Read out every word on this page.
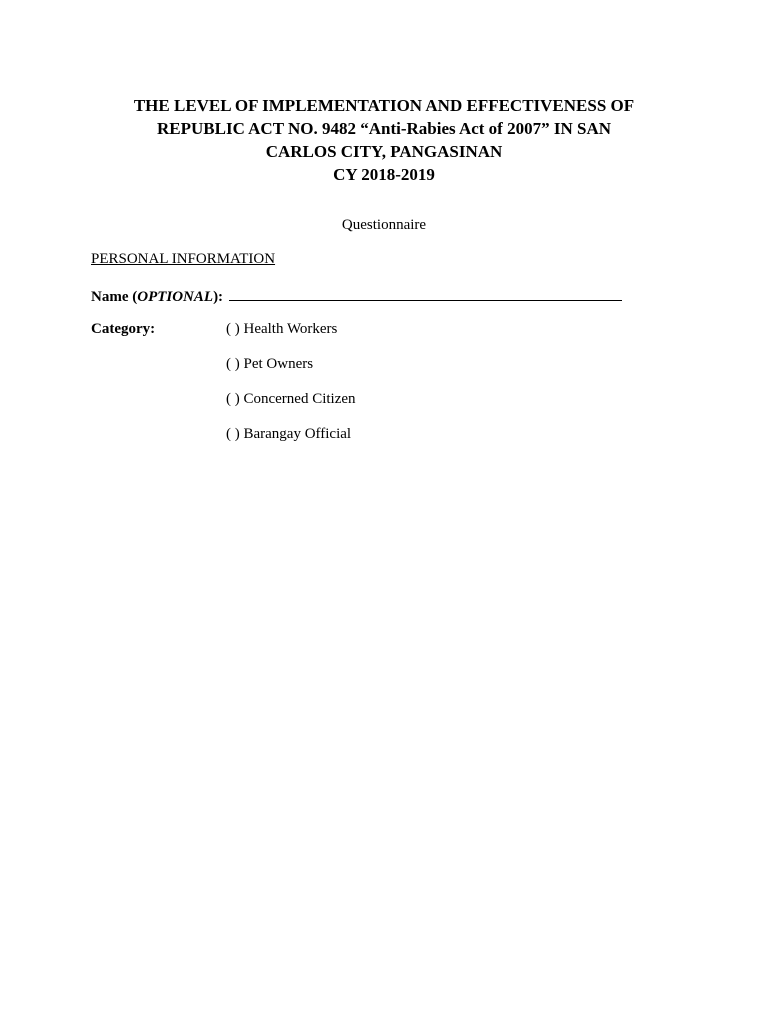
THE LEVEL OF IMPLEMENTATION AND EFFECTIVENESS OF
REPUBLIC ACT NO. 9482 “Anti-Rabies Act of 2007” IN SAN
CARLOS CITY, PANGASINAN
CY 2018-2019
Questionnaire
PERSONAL INFORMATION
Name (OPTIONAL):
Category:	( ) Health Workers
( ) Pet Owners
( ) Concerned Citizen
( ) Barangay Official
